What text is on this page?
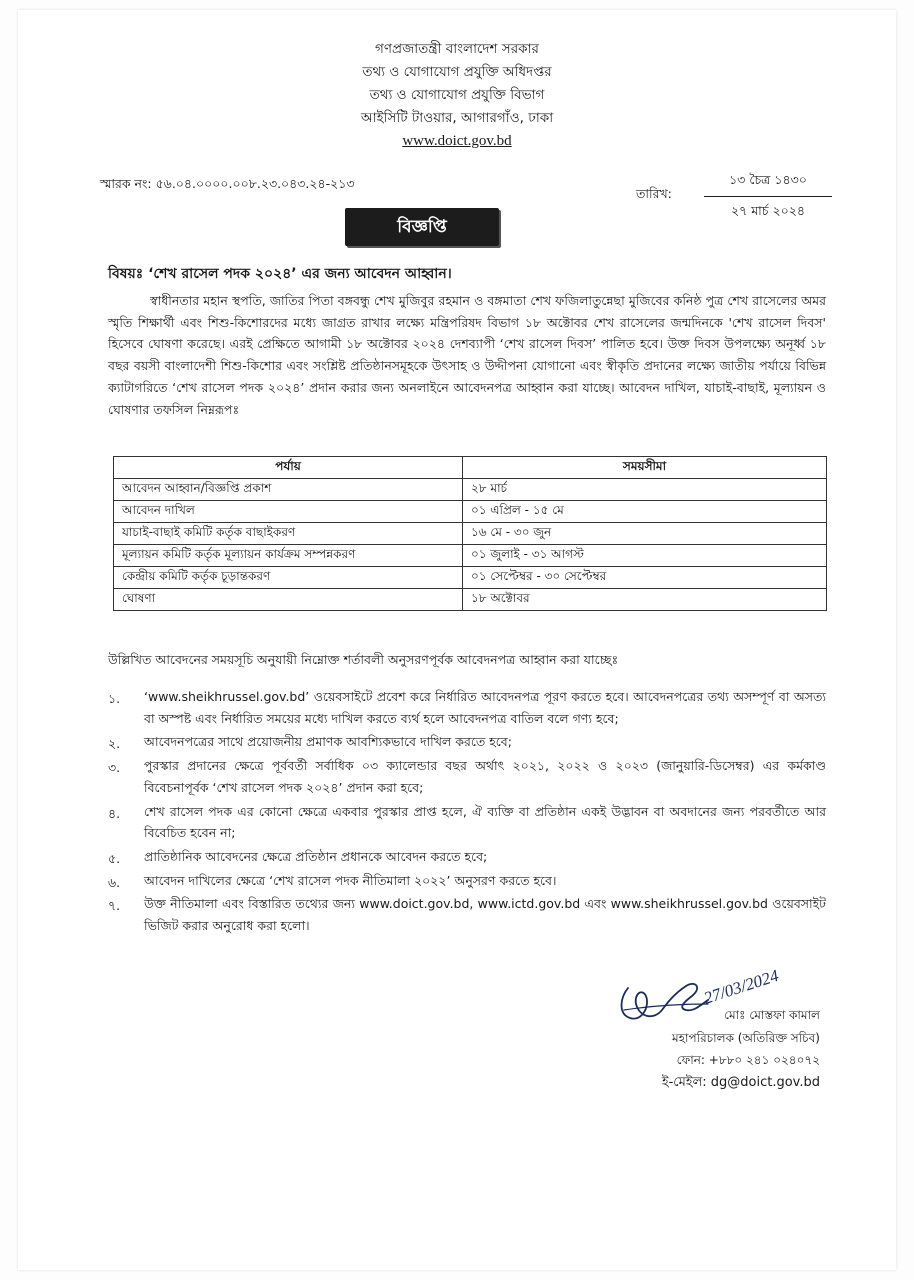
গণপ্রজাতন্ত্রী বাংলাদেশ সরকার
তথ্য ও যোগাযোগ প্রযুক্তি অধিদপ্তর
তথ্য ও যোগাযোগ প্রযুক্তি বিভাগ
আইসিটি টাওয়ার, আগারগাঁও, ঢাকা
www.doict.gov.bd
স্মারক নং: ৫৬.০৪.০০০০.০০৮.২৩.০৪৩.২৪-২১৩
তারিখ:
১৩ চৈত্র ১৪৩০
২৭ মার্চ ২০২৪
বিজ্ঞপ্তি
বিষয়ঃ ‘শেখ রাসেল পদক ২০২৪’ এর জন্য আবেদন আহ্বান।
স্বাধীনতার মহান স্থপতি, জাতির পিতা বঙ্গবন্ধু শেখ মুজিবুর রহমান ও বঙ্গমাতা শেখ ফজিলাতুন্নেছা মুজিবের কনিষ্ঠ পুত্র শেখ রাসেলের অমর স্মৃতি শিক্ষার্থী এবং শিশু-কিশোরদের মধ্যে জাগ্রত রাখার লক্ষ্যে মন্ত্রিপরিষদ বিভাগ ১৮ অক্টোবর শেখ রাসেলের জন্মদিনকে 'শেখ রাসেল দিবস' হিসেবে ঘোষণা করেছে। এরই প্রেক্ষিতে আগামী ১৮ অক্টোবর ২০২৪ দেশব্যাপী ‘শেখ রাসেল দিবস’ পালিত হবে। উক্ত দিবস উপলক্ষ্যে অনূর্ধ্ব ১৮ বছর বয়সী বাংলাদেশী শিশু-কিশোর এবং সংশ্লিষ্ট প্রতিষ্ঠানসমূহকে উৎসাহ ও উদ্দীপনা যোগানো এবং স্বীকৃতি প্রদানের লক্ষ্যে জাতীয় পর্যায়ে বিভিন্ন ক্যাটাগরিতে ‘শেখ রাসেল পদক ২০২৪’ প্রদান করার জন্য অনলাইনে আবেদনপত্র আহ্বান করা যাচ্ছে। আবেদন দাখিল, যাচাই-বাছাই, মূল্যায়ন ও ঘোষণার তফসিল নিম্নরূপঃ
পর্যায়	সময়সীমা
আবেদন আহ্বান/বিজ্ঞপ্তি প্রকাশ	২৮ মার্চ
আবেদন দাখিল	০১ এপ্রিল - ১৫ মে
যাচাই-বাছাই কমিটি কর্তৃক বাছাইকরণ	১৬ মে - ৩০ জুন
মূল্যায়ন কমিটি কর্তৃক মূল্যায়ন কার্যক্রম সম্পন্নকরণ	০১ জুলাই - ৩১ আগস্ট
কেন্দ্রীয় কমিটি কর্তৃক চূড়ান্তকরণ	০১ সেপ্টেম্বর - ৩০ সেপ্টেম্বর
ঘোষণা	১৮ অক্টোবর
উল্লিখিত আবেদনের সময়সূচি অনুযায়ী নিম্নোক্ত শর্তাবলী অনুসরণপূর্বক আবেদনপত্র আহ্বান করা যাচ্ছেঃ
১. ‘www.sheikhrussel.gov.bd’ ওয়েবসাইটে প্রবেশ করে নির্ধারিত আবেদনপত্র পূরণ করতে হবে। আবেদনপত্রের তথ্য অসম্পূর্ণ বা অসত্য বা অস্পষ্ট এবং নির্ধারিত সময়ের মধ্যে দাখিল করতে ব্যর্থ হলে আবেদনপত্র বাতিল বলে গণ্য হবে;
২. আবেদনপত্রের সাথে প্রয়োজনীয় প্রমাণক আবশ্যিকভাবে দাখিল করতে হবে;
৩. পুরস্কার প্রদানের ক্ষেত্রে পূর্ববর্তী সর্বাধিক ০৩ ক্যালেন্ডার বছর অর্থাৎ ২০২১, ২০২২ ও ২০২৩ (জানুয়ারি-ডিসেম্বর) এর কর্মকাণ্ড বিবেচনাপূর্বক ‘শেখ রাসেল পদক ২০২৪’ প্রদান করা হবে;
৪. শেখ রাসেল পদক এর কোনো ক্ষেত্রে একবার পুরস্কার প্রাপ্ত হলে, ঐ ব্যক্তি বা প্রতিষ্ঠান একই উদ্ভাবন বা অবদানের জন্য পরবর্তীতে আর বিবেচিত হবেন না;
৫. প্রাতিষ্ঠানিক আবেদনের ক্ষেত্রে প্রতিষ্ঠান প্রধানকে আবেদন করতে হবে;
৬. আবেদন দাখিলের ক্ষেত্রে ‘শেখ রাসেল পদক নীতিমালা ২০২২’ অনুসরণ করতে হবে।
৭. উক্ত নীতিমালা এবং বিস্তারিত তথ্যের জন্য www.doict.gov.bd, www.ictd.gov.bd এবং www.sheikhrussel.gov.bd ওয়েবসাইট ভিজিট করার অনুরোধ করা হলো।
27/03/2024
মোঃ মোস্তফা কামাল
মহাপরিচালক (অতিরিক্ত সচিব)
ফোন: +৮৮০ ২৪১ ০২৪০৭২
ই-মেইল: dg@doict.gov.bd
